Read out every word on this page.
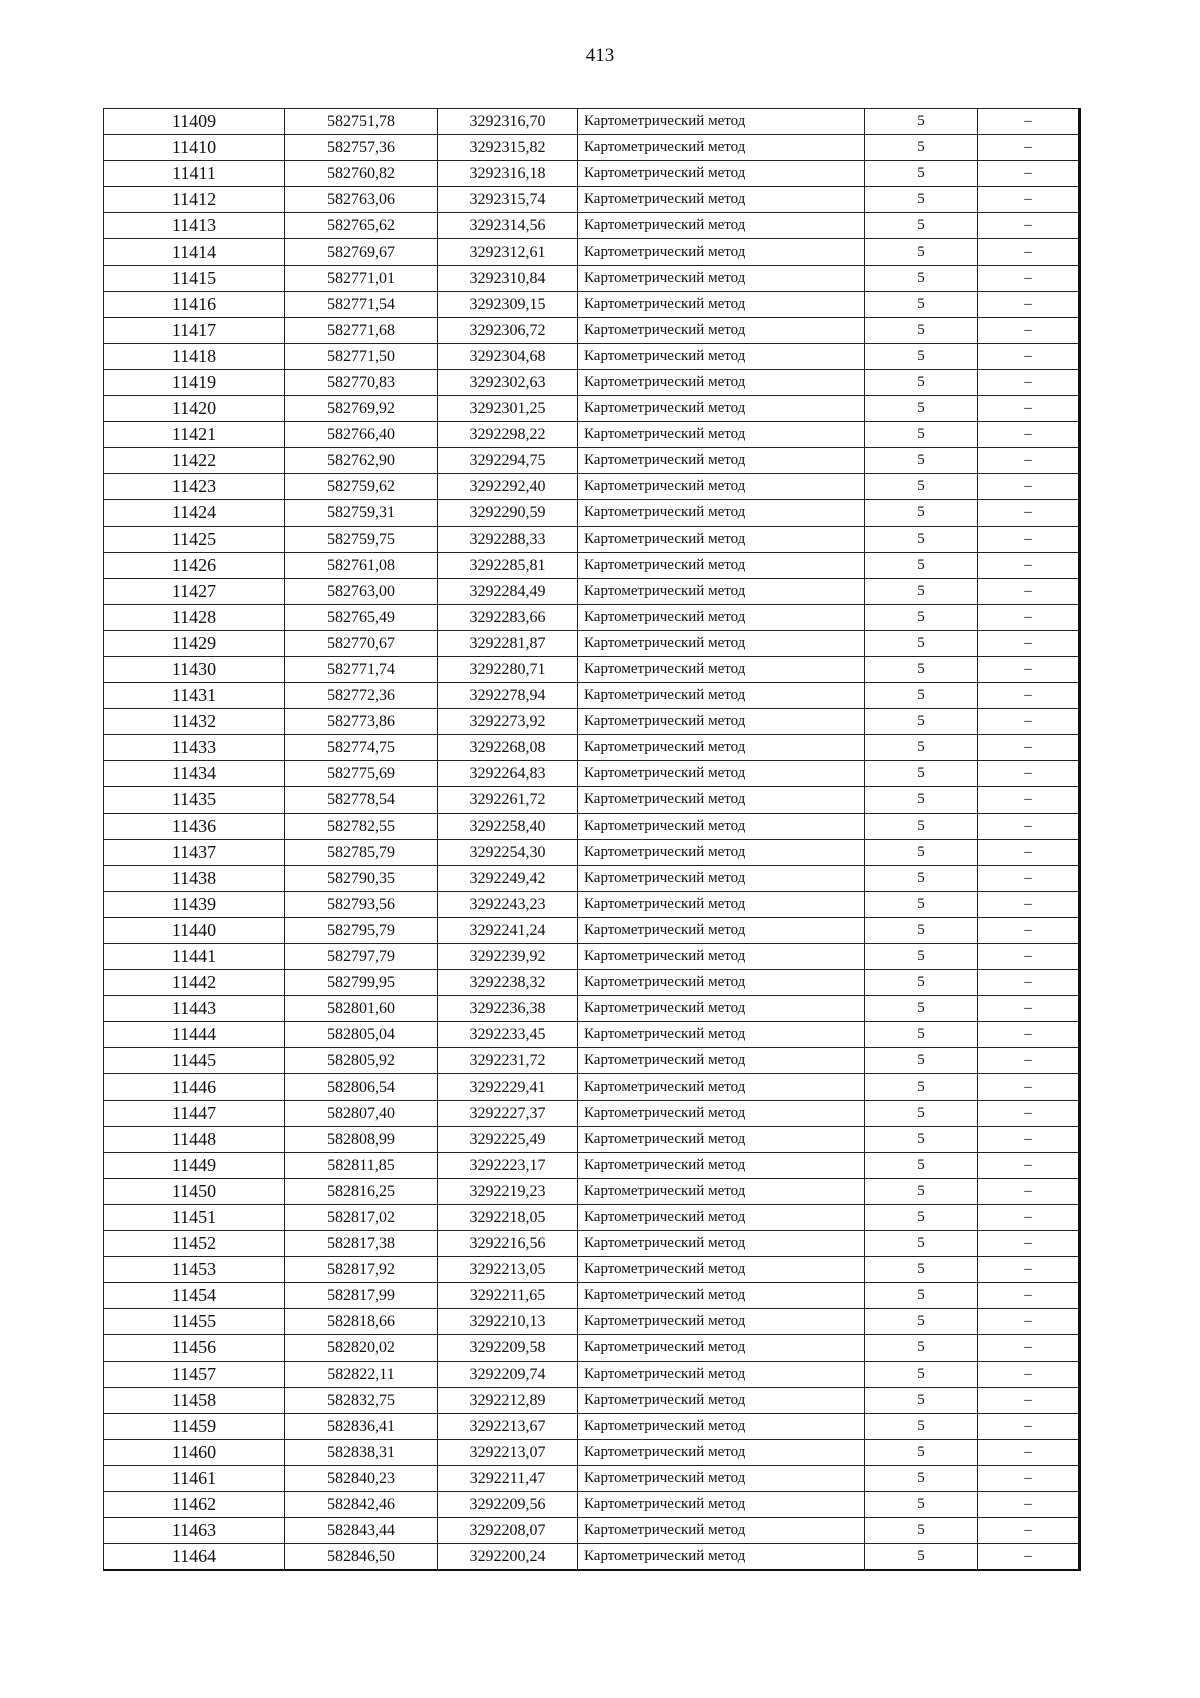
413
11409	582751,78	3292316,70	Картометрический метод	5	–
11410	582757,36	3292315,82	Картометрический метод	5	–
11411	582760,82	3292316,18	Картометрический метод	5	–
11412	582763,06	3292315,74	Картометрический метод	5	–
11413	582765,62	3292314,56	Картометрический метод	5	–
11414	582769,67	3292312,61	Картометрический метод	5	–
11415	582771,01	3292310,84	Картометрический метод	5	–
11416	582771,54	3292309,15	Картометрический метод	5	–
11417	582771,68	3292306,72	Картометрический метод	5	–
11418	582771,50	3292304,68	Картометрический метод	5	–
11419	582770,83	3292302,63	Картометрический метод	5	–
11420	582769,92	3292301,25	Картометрический метод	5	–
11421	582766,40	3292298,22	Картометрический метод	5	–
11422	582762,90	3292294,75	Картометрический метод	5	–
11423	582759,62	3292292,40	Картометрический метод	5	–
11424	582759,31	3292290,59	Картометрический метод	5	–
11425	582759,75	3292288,33	Картометрический метод	5	–
11426	582761,08	3292285,81	Картометрический метод	5	–
11427	582763,00	3292284,49	Картометрический метод	5	–
11428	582765,49	3292283,66	Картометрический метод	5	–
11429	582770,67	3292281,87	Картометрический метод	5	–
11430	582771,74	3292280,71	Картометрический метод	5	–
11431	582772,36	3292278,94	Картометрический метод	5	–
11432	582773,86	3292273,92	Картометрический метод	5	–
11433	582774,75	3292268,08	Картометрический метод	5	–
11434	582775,69	3292264,83	Картометрический метод	5	–
11435	582778,54	3292261,72	Картометрический метод	5	–
11436	582782,55	3292258,40	Картометрический метод	5	–
11437	582785,79	3292254,30	Картометрический метод	5	–
11438	582790,35	3292249,42	Картометрический метод	5	–
11439	582793,56	3292243,23	Картометрический метод	5	–
11440	582795,79	3292241,24	Картометрический метод	5	–
11441	582797,79	3292239,92	Картометрический метод	5	–
11442	582799,95	3292238,32	Картометрический метод	5	–
11443	582801,60	3292236,38	Картометрический метод	5	–
11444	582805,04	3292233,45	Картометрический метод	5	–
11445	582805,92	3292231,72	Картометрический метод	5	–
11446	582806,54	3292229,41	Картометрический метод	5	–
11447	582807,40	3292227,37	Картометрический метод	5	–
11448	582808,99	3292225,49	Картометрический метод	5	–
11449	582811,85	3292223,17	Картометрический метод	5	–
11450	582816,25	3292219,23	Картометрический метод	5	–
11451	582817,02	3292218,05	Картометрический метод	5	–
11452	582817,38	3292216,56	Картометрический метод	5	–
11453	582817,92	3292213,05	Картометрический метод	5	–
11454	582817,99	3292211,65	Картометрический метод	5	–
11455	582818,66	3292210,13	Картометрический метод	5	–
11456	582820,02	3292209,58	Картометрический метод	5	–
11457	582822,11	3292209,74	Картометрический метод	5	–
11458	582832,75	3292212,89	Картометрический метод	5	–
11459	582836,41	3292213,67	Картометрический метод	5	–
11460	582838,31	3292213,07	Картометрический метод	5	–
11461	582840,23	3292211,47	Картометрический метод	5	–
11462	582842,46	3292209,56	Картометрический метод	5	–
11463	582843,44	3292208,07	Картометрический метод	5	–
11464	582846,50	3292200,24	Картометрический метод	5	–
